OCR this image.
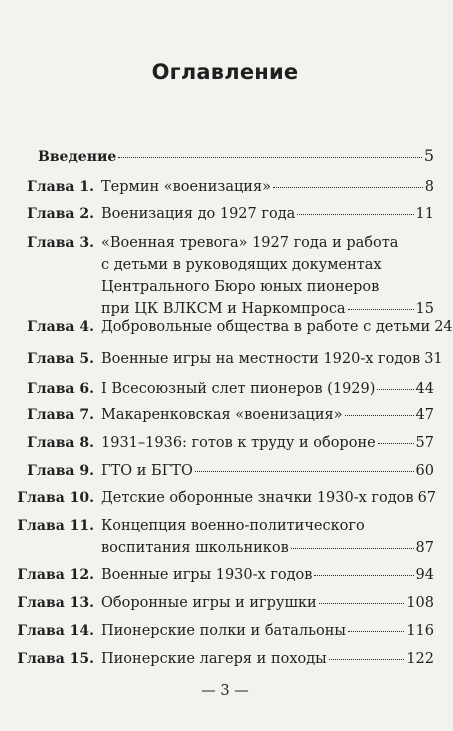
Оглавление
Введение	5
Глава 1. Термин «военизация»	8
Глава 2. Военизация до 1927 года	11
Глава 3. «Военная тревога» 1927 года и работа
с детьми в руководящих документах
Центрального Бюро юных пионеров
при ЦК ВЛКСМ и Наркомпроса	15
Глава 4. Добровольные общества в работе с детьми 24
Глава 5. Военные игры на местности 1920-х годов 31
Глава 6. I Всесоюзный слет пионеров (1929)	44
Глава 7. Макаренковская «военизация»	47
Глава 8. 1931–1936: готов к труду и обороне	57
Глава 9. ГТО и БГТО	60
Глава 10. Детские оборонные значки 1930-х годов 67
Глава 11. Концепция военно-политического
воспитания школьников	87
Глава 12. Военные игры 1930-х годов	94
Глава 13. Оборонные игры и игрушки	108
Глава 14. Пионерские полки и батальоны	116
Глава 15. Пионерские лагеря и походы	122
— 3 —
